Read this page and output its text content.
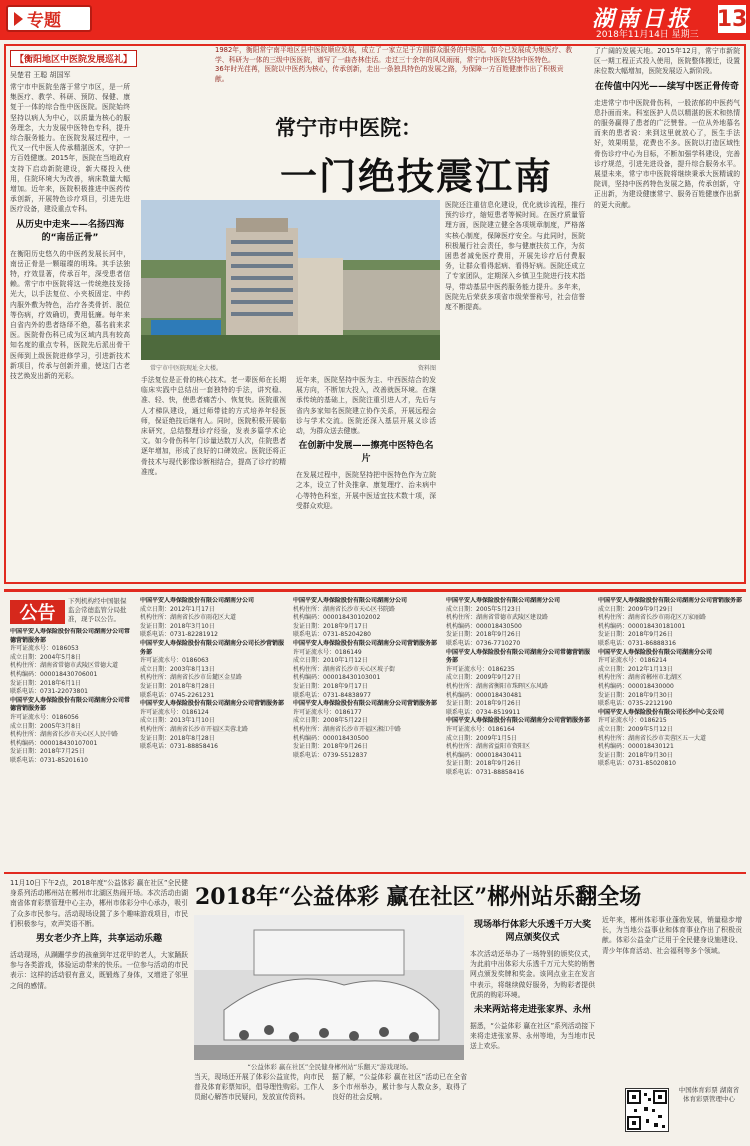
专题	湖南日报
2018年11月14日 星期三
13
【衡阳地区中医院发展巡礼】
吴楚君 王聪 胡国军

常宁市中医院坐落于常宁市区，是一所集医疗、教学、科研、预防、保健、康复于一体的综合性中医医院。医院始终坚持以病人为中心，以质量为核心的服务理念，大力发展中医特色专科，提升综合服务能力。在医院发展过程中，一代又一代中医人传承精湛医术，守护一方百姓健康。2015年，医院在当地政府支持下启动新院建设，新大楼投入使用，住院环境大为改善，病床数量大幅增加。近年来，医院积极推进中医药传承创新，开展特色诊疗项目，引进先进医疗设备，建设重点专科。

从历史中走来——名扬四海的“南岳正骨”

在衡阳历史悠久的中医药发展长河中，南岳正骨是一颗璀璨的明珠。其手法独特，疗效显著，传承百年，深受患者信赖。常宁市中医院将这一传统绝技发扬光大，以手法复位、小夹板固定、中药内服外敷为特色，治疗各类骨折、脱位等伤病，疗效确切，费用低廉。每年来自省内外的患者络绎不绝，慕名前来求医。医院骨伤科已成为区域内具有较高知名度的重点专科，医院先后派出骨干医师到上级医院进修学习，引进新技术新项目，传承与创新并重，使这门古老技艺焕发出新的光彩。

1982年，衡阳常宁南平地区县中医院顺应发展，成立了一家立足于方圆群众服务的中医院。如今已发展成为集医疗、教学、科研为一体的三级中医医院，谱写了一曲杏林佳话。走过三十余年的风风雨雨，常宁市中医院坚持中医特色。

36年时光荏苒，医院以中医药为核心，传承创新，走出一条独具特色的发展之路，为保障一方百姓健康作出了积极贡献。

常宁市中医院：
一门绝技震江南
常宁市中医院现址全大楼。	资料图

手法复位是正骨的核心技术。老一辈医师在长期临床实践中总结出一套独特的手法，讲究稳、准、轻、快，使患者痛苦小、恢复快。医院重视人才梯队建设，通过师带徒的方式培养年轻医师，保证绝技后继有人。同时，医院积极开展临床研究，总结整理诊疗经验，发表多篇学术论文。如今骨伤科年门诊量达数万人次，住院患者逐年增加，形成了良好的口碑效应。医院还将正骨技术与现代影像诊断相结合，提高了诊疗的精准度。

近年来，医院坚持中医为主、中西医结合的发展方向，不断加大投入，改善就医环境。在继承传统的基础上，医院注重引进人才，先后与省内多家知名医院建立协作关系，开展远程会诊与学术交流。医院还深入基层开展义诊活动，为群众送去健康。

在创新中发展——擦亮中医特色名片

在发展过程中，医院坚持把中医特色作为立院之本，设立了针灸推拿、康复理疗、治未病中心等特色科室，开展中医适宜技术数十项，深受群众欢迎。

医院还注重信息化建设，优化就诊流程，推行预约诊疗，缩短患者等候时间。在医疗质量管理方面，医院建立健全各项规章制度，严格落实核心制度，保障医疗安全。与此同时，医院积极履行社会责任，参与健康扶贫工作，为贫困患者减免医疗费用，开展先诊疗后付费服务，让群众看得起病、看得好病。医院还成立了专家团队，定期深入乡镇卫生院进行技术指导，带动基层中医药服务能力提升。多年来，医院先后荣获多项省市级荣誉称号，社会信誉度不断提高。

了广阔的发展天地。2015年12月，常宁市新院区一期工程正式投入使用，医院整体搬迁，设置床位数大幅增加，医院发展迈入新阶段。

在传值中闪光——续写中医正骨传奇

走进常宁市中医院骨伤科，一股浓郁的中医药气息扑面而来。科室医护人员以精湛的医术和热情的服务赢得了患者的广泛赞誉。一位从外地慕名而来的患者说：来到这里就放心了，医生手法好，效果明显，花费也不多。医院以打造区域性骨伤诊疗中心为目标，不断加强学科建设，完善诊疗规范，引进先进设备，提升综合服务水平。展望未来，常宁市中医院将继续秉承大医精诚的院训，坚持中医药特色发展之路，传承创新，守正出新，为建设健康常宁、服务百姓健康作出新的更大贡献。

公告
下列机构经中国银保监会常德监管分局批准，现予以公告。
中国平安人寿保险股份有限公司湖南分公司常德营销服务部
许可证流水号：0186053
成立日期：2004年5月8日
机构住所：湖南省常德市武陵区常德大道
机构编码：000018430706001
发证日期：2018年6月1日
联系电话：0731-22073801
中国平安人寿保险股份有限公司湖南分公司常德营销服务部
许可证流水号：0186056
成立日期：2005年3月8日
机构住所：湖南省长沙市天心区人民中路
机构编码：000018430107001
发证日期：2018年7月25日
联系电话：0731-85201610

中国平安人寿保险股份有限公司湖南分公司
成立日期：2012年1月17日
机构住所：湖南省长沙市雨花区大道
发证日期：2018年3月10日
联系电话：0731-82281912
中国平安人寿保险股份有限公司湖南分公司长沙营销服务部
许可证流水号：0186063
成立日期：2003年8月13日
机构住所：湖南省长沙市岳麓区金星路
发证日期：2018年8月28日
联系电话：0745-2261231
中国平安人寿保险股份有限公司湖南分公司营销服务部
许可证流水号：0186124
成立日期：2013年1月10日
机构住所：湖南省长沙市开福区芙蓉北路
发证日期：2018年8月28日
联系电话：0731-88858416

中国平安人寿保险股份有限公司湖南分公司
机构住所：湖南省长沙市天心区书院路
机构编码：000018430102002
发证日期：2018年9月17日
联系电话：0731-85204280
中国平安人寿保险股份有限公司湖南分公司营销服务部
许可证流水号：0186149
成立日期：2010年1月12日
机构住所：湖南省长沙市天心区坡子街
机构编码：000018430103001
发证日期：2018年9月17日
联系电话：0731-84838977
中国平安人寿保险股份有限公司湖南分公司营销服务部
许可证流水号：0186177
成立日期：2008年5月22日
机构住所：湖南省长沙市开福区湘江中路
机构编码：000018430500
发证日期：2018年9月26日
联系电话：0739-5512837

中国平安人寿保险股份有限公司湖南分公司
成立日期：2005年5月23日
机构住所：湖南省常德市武陵区建设路
机构编码：000018430500
发证日期：2018年9月26日
联系电话：0736-7710270
中国平安人寿保险股份有限公司湖南分公司常德营销服务部
许可证流水号：0186235
成立日期：2009年9月27日
机构住所：湖南省衡阳市珠晖区东风路
机构编码：000018430481
发证日期：2018年9月26日
联系电话：0734-8519911
中国平安人寿保险股份有限公司湖南分公司营销服务部
许可证流水号：0186164
成立日期：2009年1月5日
机构住所：湖南省益阳市资阳区
机构编码：000018430411
发证日期：2018年9月26日
联系电话：0731-88858416

中国平安人寿保险股份有限公司湖南分公司营销服务部
成立日期：2009年9月29日
机构住所：湖南省长沙市雨花区万家丽路
机构编码：000018430181001
发证日期：2018年9月26日
联系电话：0731-86888316
中国平安人寿保险股份有限公司湖南分公司
许可证流水号：0186214
成立日期：2012年1月13日
机构住所：湖南省郴州市北湖区
机构编码：000018430000
发证日期：2018年9月30日
联系电话：0735-2212190
中国平安人寿保险股份有限公司长沙中心支公司
许可证流水号：0186215
成立日期：2009年5月12日
机构住所：湖南省长沙市芙蓉区五一大道
机构编码：000018430121
发证日期：2018年9月30日
联系电话：0731-85020810

11月10日下午2点，2018年度“公益体彩 赢在社区”全民健身系列活动郴州站在郴州市北湖区热闹开场。本次活动由湖南省体育彩票管理中心主办，郴州市体彩分中心承办，吸引了众多市民参与。活动现场设置了多个趣味游戏项目，市民们积极参与，欢声笑语不断。

男女老少齐上阵，共享运动乐趣

活动现场，从蹒跚学步的孩童到年过花甲的老人，大家踊跃参与各类游戏，体验运动带来的快乐。一位参与活动的市民表示：这样的活动很有意义，既锻炼了身体，又增进了邻里之间的感情。

2018年“公益体彩 赢在社区”郴州站乐翻全场
“公益体彩 赢在社区”全民健身郴州站“乐翻天”游戏现场。

当天，现场还开展了体彩公益宣传，向市民普及体育彩票知识，倡导理性购彩。工作人员耐心解答市民疑问，发放宣传资料。

据了解，“公益体彩 赢在社区”活动已在全省多个市州举办，累计参与人数众多，取得了良好的社会反响。

现场举行体彩大乐透千万大奖网点颁奖仪式

本次活动还举办了一场特别的颁奖仪式，为此前中出体彩大乐透千万元大奖的销售网点颁发奖牌和奖金。该网点业主在发言中表示，将继续做好服务，为购彩者提供优质的购彩环境。

未来两站将走进张家界、永州

据悉，“公益体彩 赢在社区”系列活动接下来将走进张家界、永州等地，为当地市民送上欢乐。

近年来，郴州体彩事业蓬勃发展，销量稳步增长，为当地公益事业和体育事业作出了积极贡献。体彩公益金广泛用于全民健身设施建设、青少年体育活动、社会福利等多个领域。

中国体育彩票 湖南省体育彩票管理中心
